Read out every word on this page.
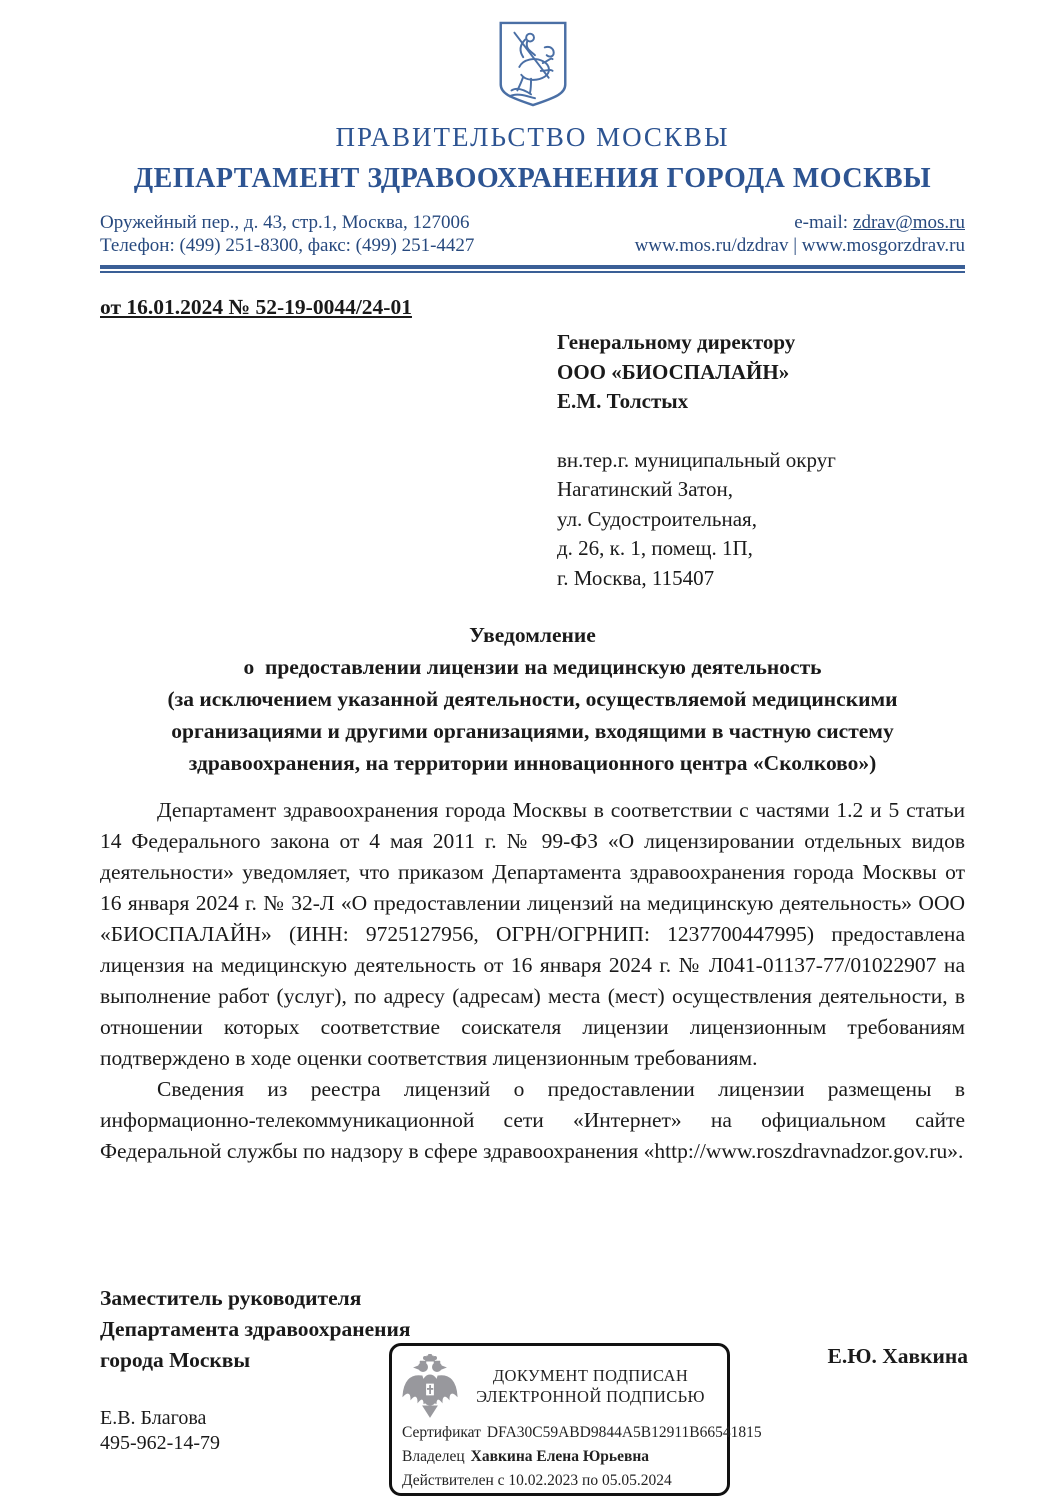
ПРАВИТЕЛЬСТВО МОСКВЫ
ДЕПАРТАМЕНТ ЗДРАВООХРАНЕНИЯ ГОРОДА МОСКВЫ
Оружейный пер., д. 43, стр.1, Москва, 127006
Телефон: (499) 251-8300, факс: (499) 251-4427
e-mail: zdrav@mos.ru
www.mos.ru/dzdrav | www.mosgorzdrav.ru
от 16.01.2024 № 52-19-0044/24-01
Генеральному директору
ООО «БИОСПАЛАЙН»
Е.М. Толстых
вн.тер.г. муниципальный округ
Нагатинский Затон,
ул. Судостроительная,
д. 26, к. 1, помещ. 1П,
г. Москва, 115407
Уведомление
о  предоставлении лицензии на медицинскую деятельность
(за исключением указанной деятельности, осуществляемой медицинскими
организациями и другими организациями, входящими в частную систему
здравоохранения, на территории инновационного центра «Сколково»)

Департамент здравоохранения города Москвы в соответствии с частями 1.2 и 5 статьи 14 Федерального закона от 4 мая 2011 г. № 99-ФЗ «О лицензировании отдельных видов деятельности» уведомляет, что приказом Департамента здравоохранения города Москвы от 16 января 2024 г. № 32-Л «О предоставлении лицензий на медицинскую деятельность» ООО «БИОСПАЛАЙН» (ИНН: 9725127956, ОГРН/ОГРНИП: 1237700447995) предоставлена лицензия на медицинскую деятельность от 16 января 2024 г. № Л041-01137-77/01022907 на выполнение работ (услуг), по адресу (адресам) места (мест) осуществления деятельности, в отношении которых соответствие соискателя лицензии лицензионным требованиям подтверждено в ходе оценки соответствия лицензионным требованиям.

Сведения из реестра лицензий о предоставлении лицензии размещены в информационно-телекоммуникационной сети «Интернет» на официальном сайте Федеральной службы по надзору в сфере здравоохранения «http://www.roszdravnadzor.gov.ru».

Заместитель руководителя
Департамента здравоохранения
города Москвы	Е.Ю. Хавкина
ДОКУМЕНТ ПОДПИСАН
ЭЛЕКТРОННОЙ ПОДПИСЬЮ
Сертификат DFA30C59ABD9844A5B12911B66541815
Владелец Хавкина Елена Юрьевна
Действителен с 10.02.2023 по 05.05.2024
Е.В. Благова
495-962-14-79
